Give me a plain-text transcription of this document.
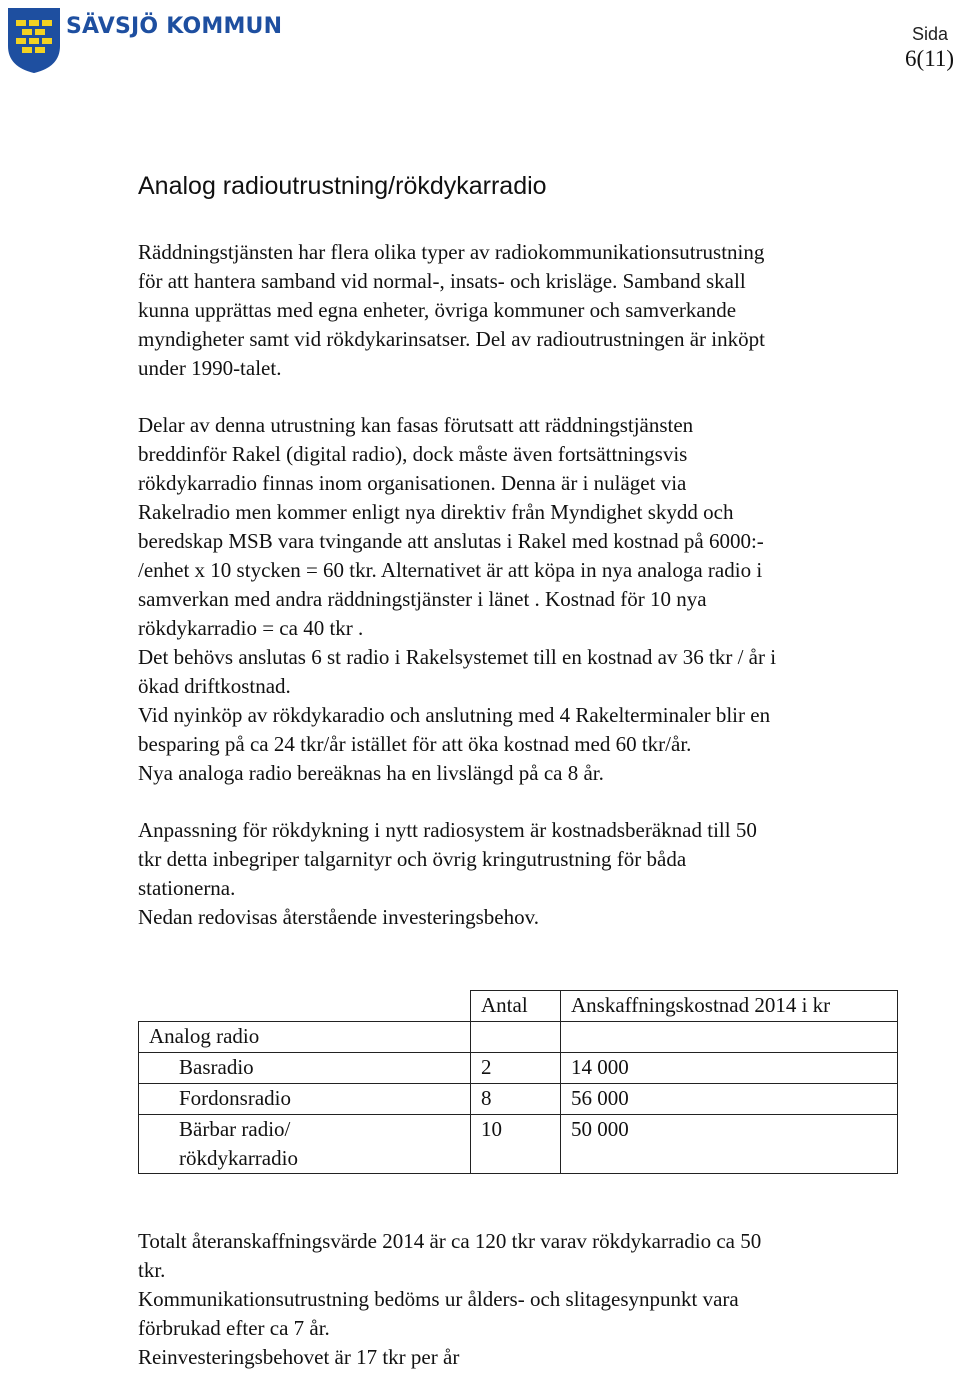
SÄVSJÖ KOMMUN	Sida
6(11)
Analog radioutrustning/rökdykarradio
Räddningstjänsten har flera olika typer av radiokommunikationsutrustning
för att hantera samband vid normal-, insats- och krisläge. Samband skall
kunna upprättas med egna enheter, övriga kommuner och samverkande
myndigheter samt vid rökdykarinsatser. Del av radioutrustningen är inköpt
under 1990-talet.
Delar av denna utrustning kan fasas förutsatt att räddningstjänsten
breddinför Rakel (digital radio), dock måste även fortsättningsvis
rökdykarradio finnas inom organisationen. Denna är i nuläget via
Rakelradio men kommer enligt nya direktiv från Myndighet skydd och
beredskap MSB vara tvingande att anslutas i Rakel med kostnad på 6000:-
/enhet x 10 stycken = 60 tkr. Alternativet är att köpa in nya analoga radio i
samverkan med andra räddningstjänster i länet . Kostnad för 10 nya
rökdykarradio = ca 40 tkr .
Det behövs anslutas 6 st radio i Rakelsystemet till en kostnad av 36 tkr / år i
ökad driftkostnad.
Vid nyinköp av rökdykaradio och anslutning med 4 Rakelterminaler blir en
besparing på ca 24 tkr/år istället för att öka kostnad med 60 tkr/år.
Nya analoga radio bereäknas ha en livslängd på ca 8 år.
Anpassning för rökdykning i nytt radiosystem är kostnadsberäknad till 50
tkr detta inbegriper talgarnityr och övrig kringutrustning för båda
stationerna.
Nedan redovisas återstående investeringsbehov.
	Antal	Anskaffningskostnad 2014 i kr
Analog radio		
Basradio	2	14 000
Fordonsradio	8	56 000

Bärbar radio/
rökdykarradio	10	50 000
Totalt återanskaffningsvärde 2014 är ca 120 tkr varav rökdykarradio ca 50
tkr.
Kommunikationsutrustning bedöms ur ålders- och slitagesynpunkt vara
förbrukad efter ca 7 år.
Reinvesteringsbehovet är 17 tkr per år
